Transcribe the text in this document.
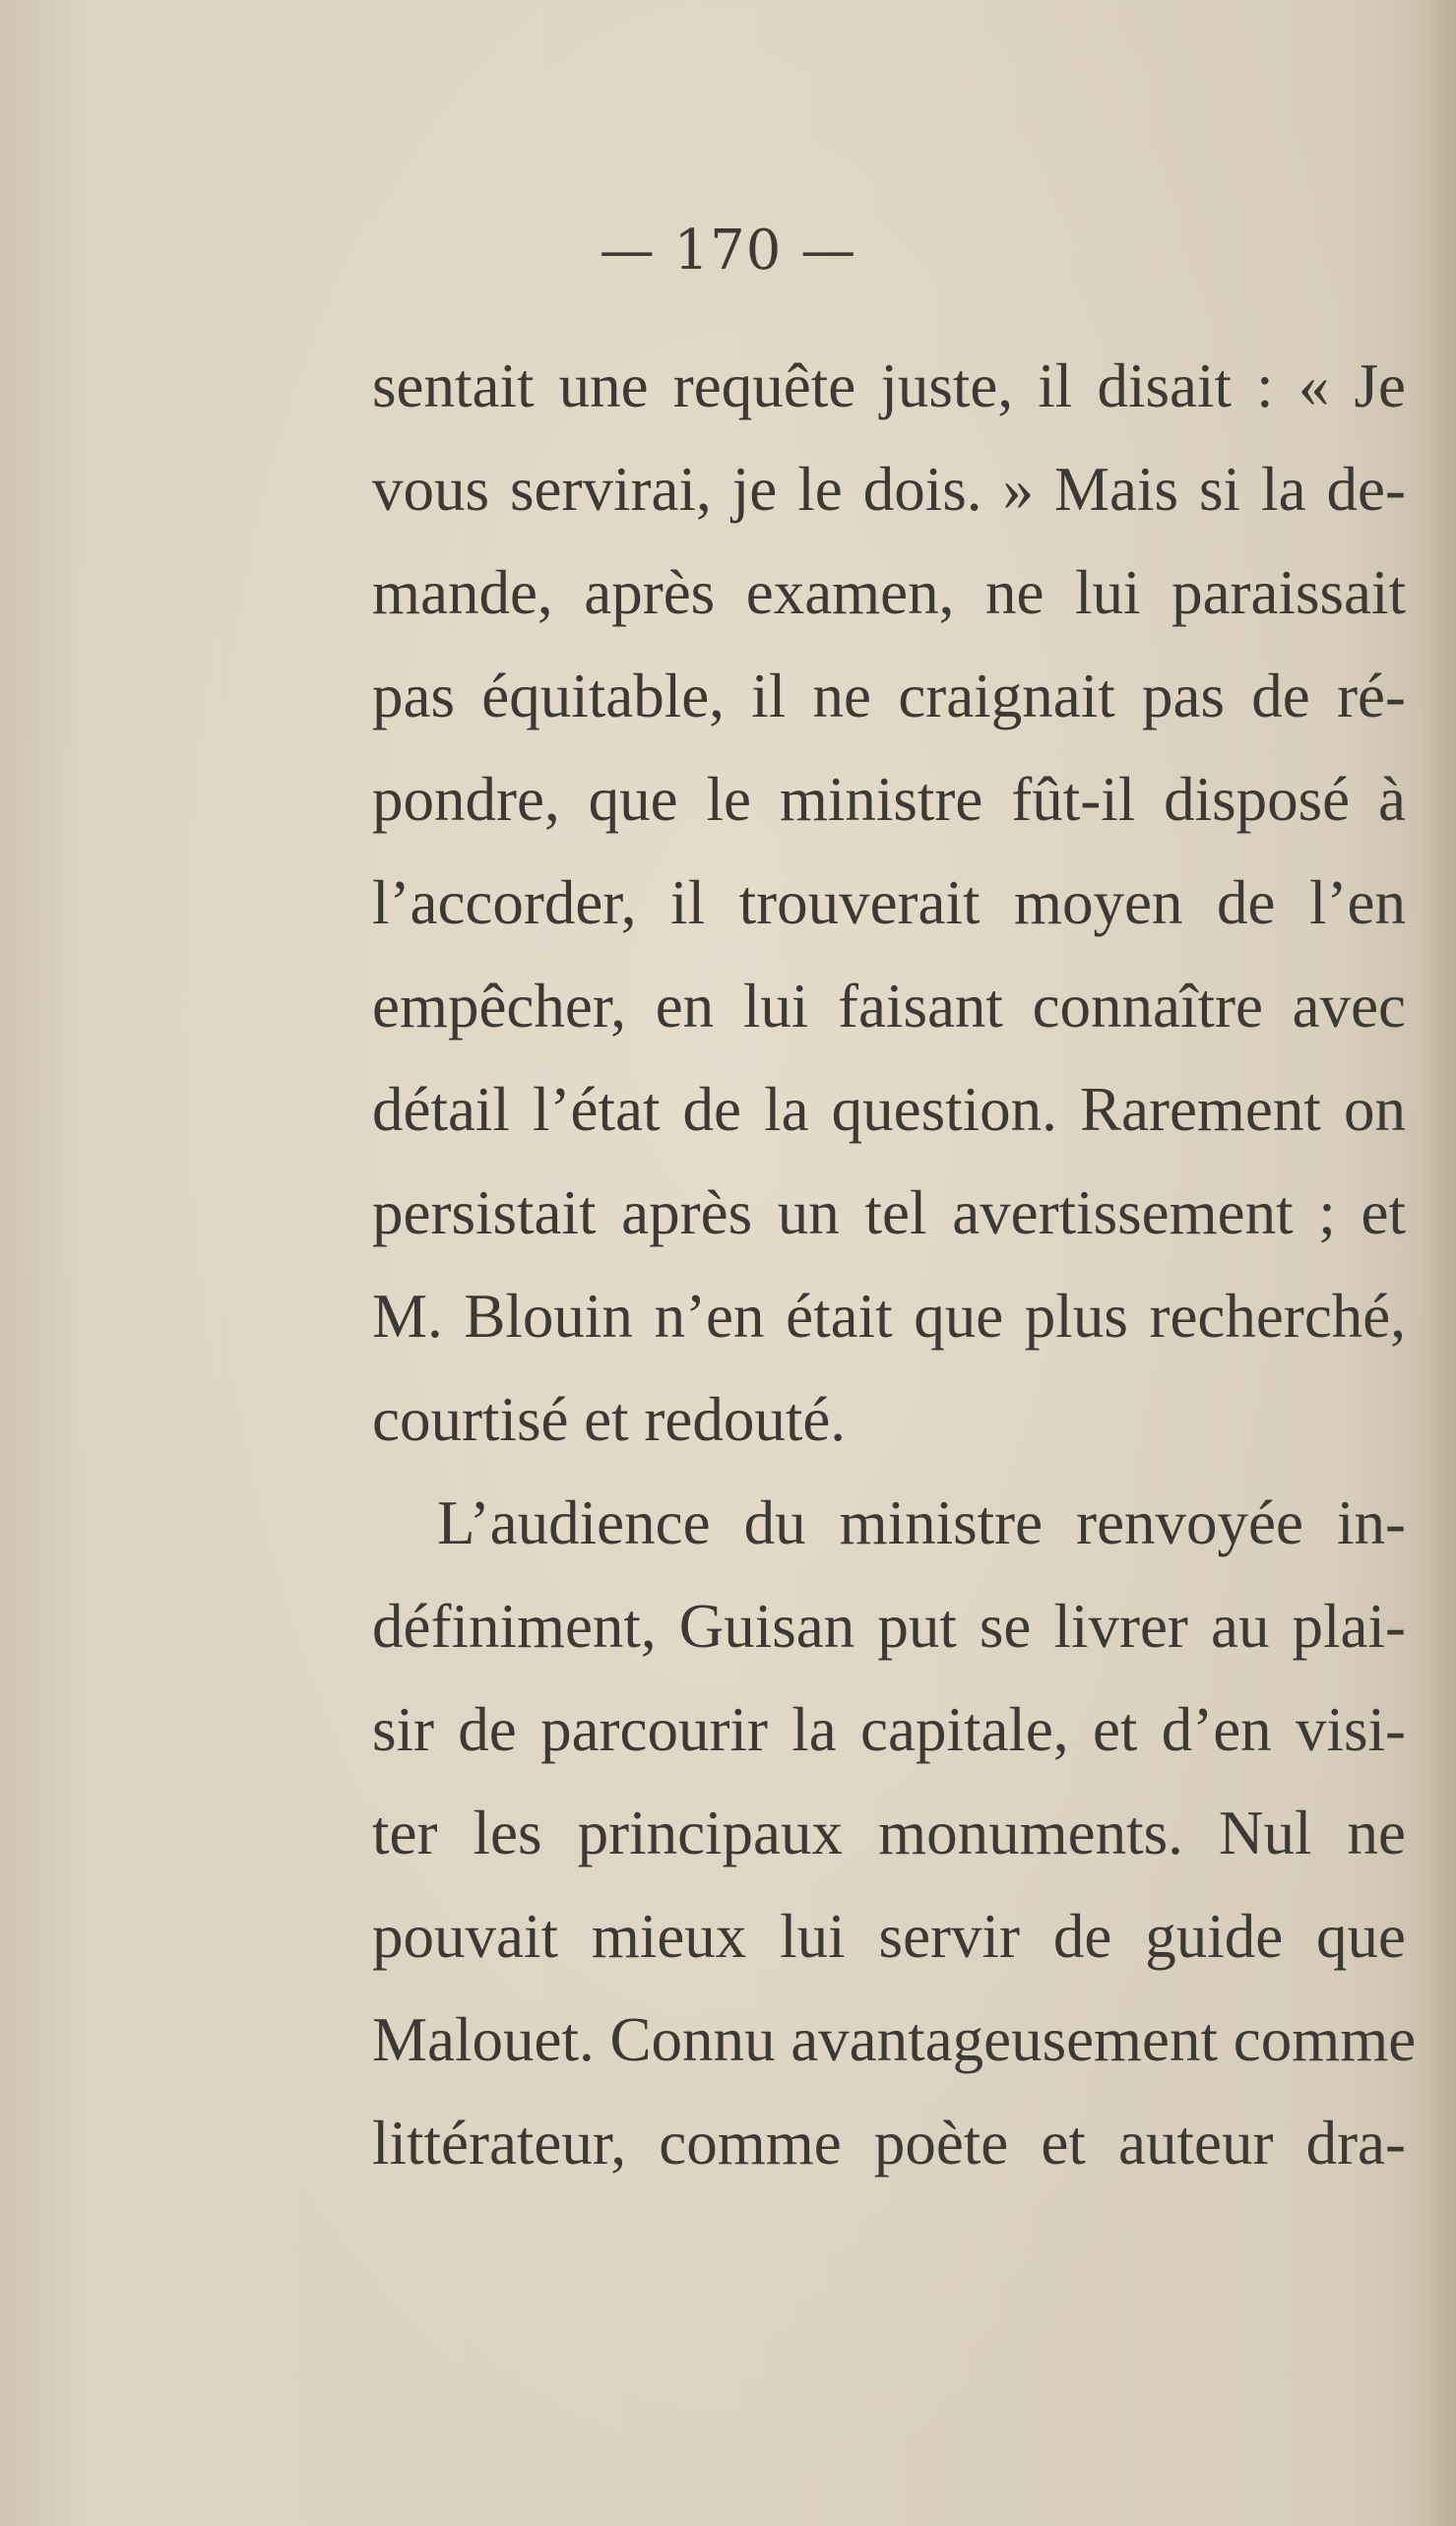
— 170 —
sentait une requête juste, il disait : « Je
vous servirai, je le dois. » Mais si la de-
mande, après examen, ne lui paraissait
pas équitable, il ne craignait pas de ré-
pondre, que le ministre fût-il disposé à
l’accorder, il trouverait moyen de l’en
empêcher, en lui faisant connaître avec
détail l’état de la question. Rarement on
persistait après un tel avertissement ; et
M. Blouin n’en était que plus recherché,
courtisé et redouté.
L’audience du ministre renvoyée in-
définiment, Guisan put se livrer au plai-
sir de parcourir la capitale, et d’en visi-
ter les principaux monuments. Nul ne
pouvait mieux lui servir de guide que
Malouet. Connu avantageusement comme
littérateur, comme poète et auteur dra-
